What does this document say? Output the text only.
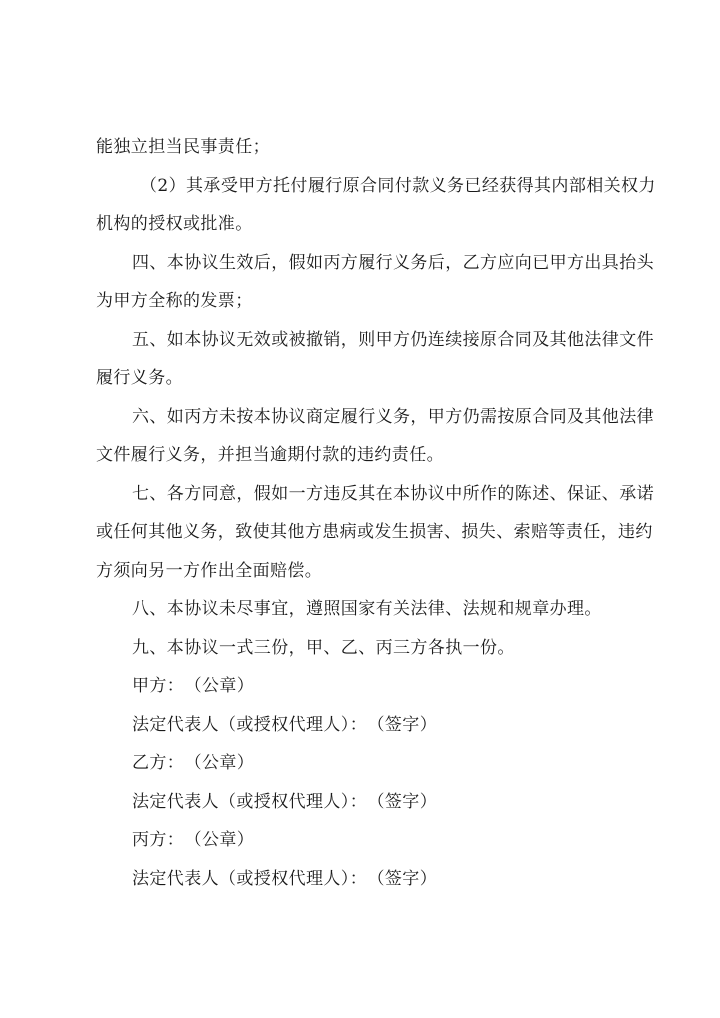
能独立担当民事责任；
（2）其承受甲方托付履行原合同付款义务已经获得其内部相关权力
机构的授权或批准。
四、本协议生效后，假如丙方履行义务后，乙方应向已甲方出具抬头
为甲方全称的发票；
五、如本协议无效或被撤销，则甲方仍连续接原合同及其他法律文件
履行义务。
六、如丙方未按本协议商定履行义务，甲方仍需按原合同及其他法律
文件履行义务，并担当逾期付款的违约责任。
七、各方同意，假如一方违反其在本协议中所作的陈述、保证、承诺
或任何其他义务，致使其他方患病或发生损害、损失、索赔等责任，违约
方须向另一方作出全面赔偿。
八、本协议未尽事宜，遵照国家有关法律、法规和规章办理。
九、本协议一式三份，甲、乙、丙三方各执一份。
甲方：　（公章）
法定代表人（或授权代理人）：　（签字）
乙方：　（公章）
法定代表人（或授权代理人）：　（签字）
丙方：　（公章）
法定代表人（或授权代理人）：　（签字）
